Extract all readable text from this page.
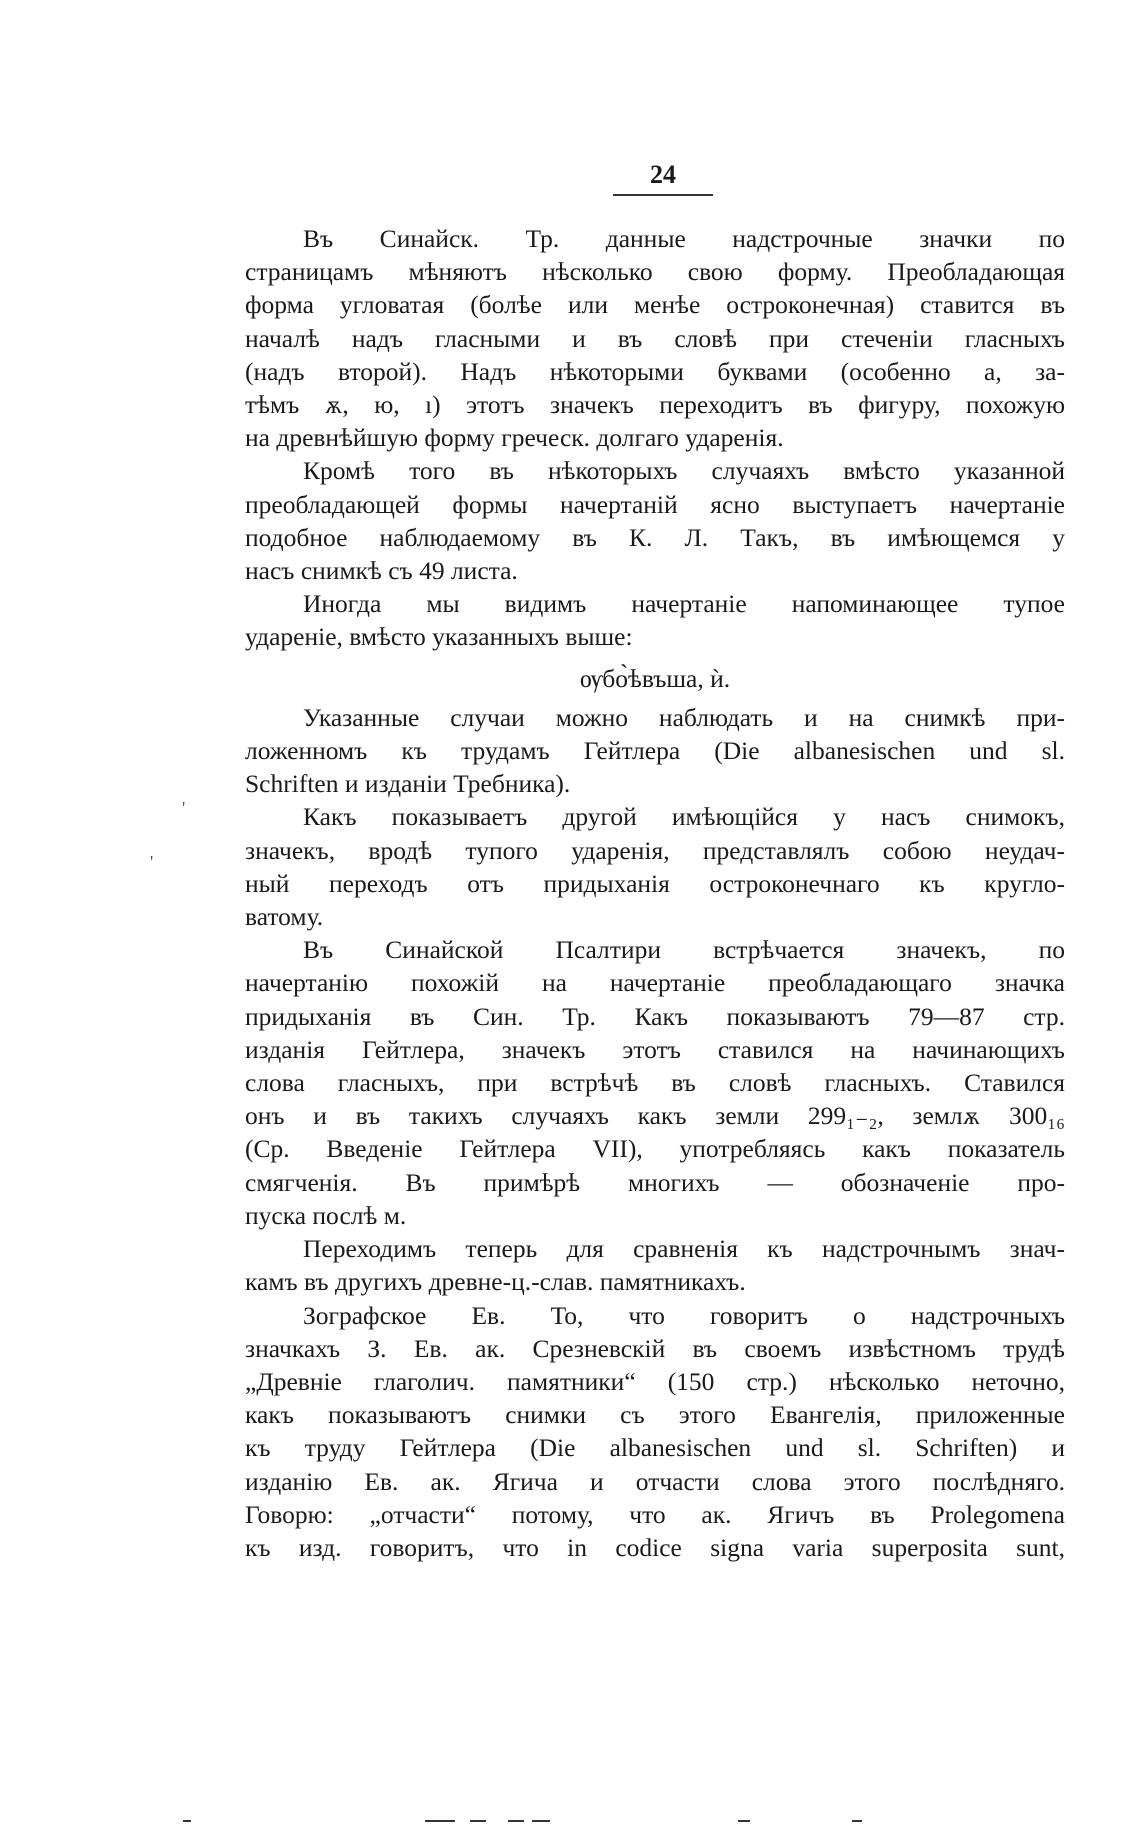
24
Въ Синайск. Тр. данные надстрочные значки по
страницамъ мѣняютъ нѣсколько свою форму. Преобладающая
форма угловатая (болѣе или менѣе остроконечная) ставится въ
началѣ надъ гласными и въ словѣ при стеченіи гласныхъ
(надъ второй). Надъ нѣкоторыми буквами (особенно а, за-
тѣмъ ѫ, ю, ı) этотъ значекъ переходитъ въ фигуру, похожую
на древнѣйшую форму греческ. долгаго ударенія.
Кромѣ того въ нѣкоторыхъ случаяхъ вмѣсто указанной
преобладающей формы начертаній ясно выступаетъ начертаніе
подобное наблюдаемому въ К. Л. Такъ, въ имѣющемся у
насъ снимкѣ съ 49 листа.
Иногда мы видимъ начертаніе напоминающее тупое
удареніе, вмѣсто указанныхъ выше:
ѹбо̀ѣвъша, ѝ.
Указанные случаи можно наблюдать и на снимкѣ при-
ложенномъ къ трудамъ Гейтлера (Die albanesischen und sl.
Schriften и изданіи Требника).
Какъ показываетъ другой имѣющійся у насъ снимокъ,
значекъ, вродѣ тупого ударенія, представлялъ собою неудач-
ный переходъ отъ придыханія остроконечнаго къ кругло-
ватому.
Въ Синайской Псалтири встрѣчается значекъ, по
начертанію похожій на начертаніе преобладающаго значка
придыханія въ Син. Тр. Какъ показываютъ 79—87 стр.
изданія Гейтлера, значекъ этотъ ставился на начинающихъ
слова гласныхъ, при встрѣчѣ въ словѣ гласныхъ. Ставился
онъ и въ такихъ случаяхъ какъ земли 299₁₋₂, землѫ 300₁₆
(Ср. Введеніе Гейтлера VII), употребляясь какъ показатель
смягченія. Въ примѣрѣ многихъ — обозначеніе про-
пуска послѣ м.
Переходимъ теперь для сравненія къ надстрочнымъ знач-
камъ въ другихъ древне-ц.-слав. памятникахъ.
Зографское Ев. То, что говоритъ о надстрочныхъ
значкахъ З. Ев. ак. Срезневскій въ своемъ извѣстномъ трудѣ
„Древніе глаголич. памятники“ (150 стр.) нѣсколько неточно,
какъ показываютъ снимки съ этого Евангелія, приложенные
къ труду Гейтлера (Die albanesischen und sl. Schriften) и
изданію Ев. ак. Ягича и отчасти слова этого послѣдняго.
Говорю: „отчасти“ потому, что ак. Ягичъ въ Prolegomena
къ изд. говоритъ, что in codice signa varia superposita sunt,
'
'
